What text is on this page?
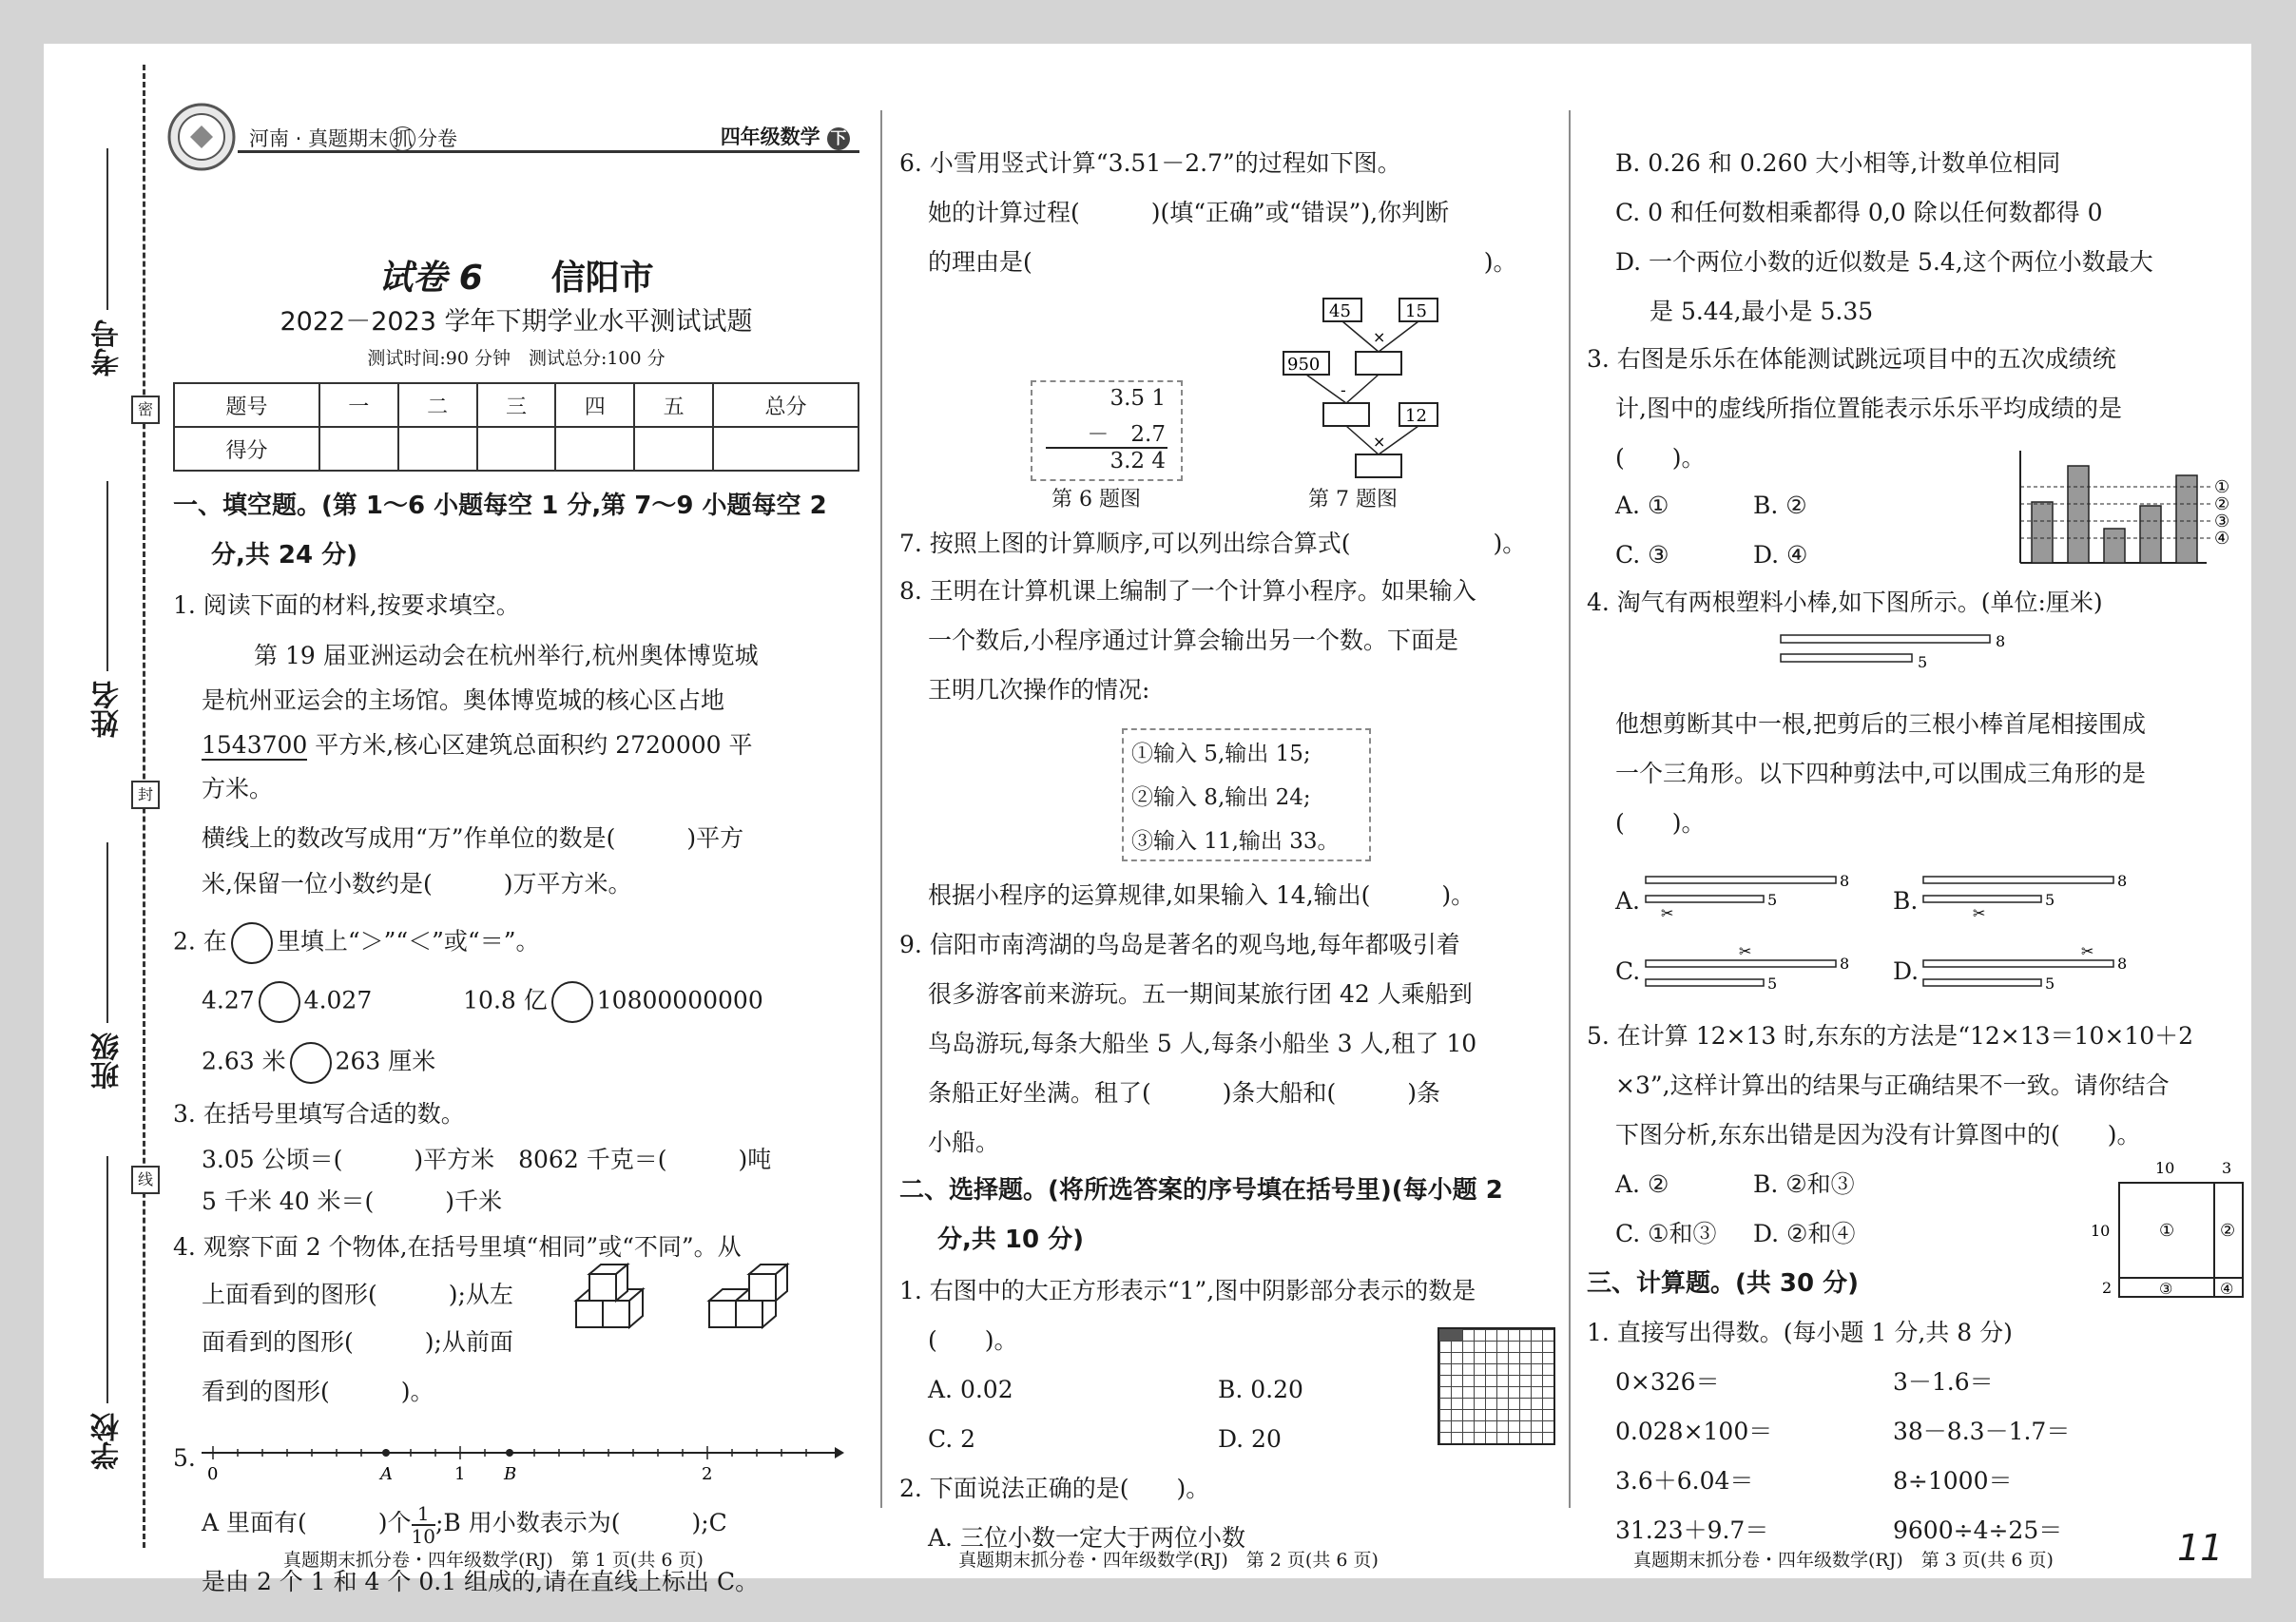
考号
姓名
班级
学校
密
封
线
河南 · 真题期末 抓 分卷	四年级数学 下
试卷 6　　 信阳市
2022－2023 学年下期学业水平测试试题
测试时间:90 分钟　测试总分:100 分
题号	一	二	三	四	五	总分
得分						
一、填空题。(第 1～6 小题每空 1 分,第 7～9 小题每空 2
分,共 24 分)
1. 阅读下面的材料,按要求填空。
第 19 届亚洲运动会在杭州举行,杭州奥体博览城
是杭州亚运会的主场馆。奥体博览城的核心区占地
1543700 平方米,核心区建筑总面积约 2720000 平
方米。
横线上的数改写成用“万”作单位的数是(　　　)平方
米,保留一位小数约是(　　　)万平方米。
2. 在 里填上“＞”“＜”或“＝”。
4.27 4.027	10.8 亿 10800000000
2.63 米 263 厘米
3. 在括号里填写合适的数。
3.05 公顷＝(　　　)平方米　8062 千克＝(　　　)吨
5 千米 40 米＝(　　　)千米
4. 观察下面 2 个物体,在括号里填“相同”或“不同”。从
上面看到的图形(　　　);从左
面看到的图形(　　　);从前面
看到的图形(　　　)。
5.
0	A	1 B	2
A 里面有(　　　)个 $\frac{1}{10}$ ;B 用小数表示为(　　　);C
是由 2 个 1 和 4 个 0.1 组成的,请在直线上标出 C。
6. 小雪用竖式计算“3.51－2.7”的过程如下图。
她的计算过程(　　　)(填“正确”或“错误”),你判断
的理由是(　　　　　　　　　　　　　　　　　　　)。
3.5 1
－　2.7
3.2 4
第 6 题图
45	15
950
12
×
-
×
第 7 题图
7. 按照上图的计算顺序,可以列出综合算式(　　　　　　)。
8. 王明在计算机课上编制了一个计算小程序。如果输入
一个数后,小程序通过计算会输出另一个数。下面是
王明几次操作的情况:
①输入 5,输出 15;
②输入 8,输出 24;
③输入 11,输出 33。
根据小程序的运算规律,如果输入 14,输出(　　　)。
9. 信阳市南湾湖的鸟岛是著名的观鸟地,每年都吸引着
很多游客前来游玩。五一期间某旅行团 42 人乘船到
鸟岛游玩,每条大船坐 5 人,每条小船坐 3 人,租了 10
条船正好坐满。租了(　　　)条大船和(　　　)条
小船。
二、选择题。(将所选答案的序号填在括号里)(每小题 2
分,共 10 分)
1. 右图中的大正方形表示“1”,图中阴影部分表示的数是
(　　)。
A. 0.02	B. 0.20
C. 2	D. 20
2. 下面说法正确的是(　　)。
A. 三位小数一定大于两位小数
B. 0.26 和 0.260 大小相等,计数单位相同
C. 0 和任何数相乘都得 0,0 除以任何数都得 0
D. 一个两位小数的近似数是 5.4,这个两位小数最大
是 5.44,最小是 5.35
3. 右图是乐乐在体能测试跳远项目中的五次成绩统
计,图中的虚线所指位置能表示乐乐平均成绩的是
(　　)。
A. ①	B. ②
C. ③	D. ④
①
②
③
④
4. 淘气有两根塑料小棒,如下图所示。(单位:厘米)
8
5
他想剪断其中一根,把剪后的三根小棒首尾相接围成
一个三角形。以下四种剪法中,可以围成三角形的是
(　　)。
A.
8
5
✂	B.
8
5
✂
C.
✂
8
5	D.
✂
8
5
5. 在计算 12×13 时,东东的方法是“12×13＝10×10＋2
×3”,这样计算出的结果与正确结果不一致。请你结合
下图分析,东东出错是因为没有计算图中的(　　)。
A. ②	B. ②和③
C. ①和③ D. ②和④
10	3
10
2
①	②
③	④
三、计算题。(共 30 分)
1. 直接写出得数。(每小题 1 分,共 8 分)
0×326＝	3－1.6＝
0.028×100＝	38－8.3－1.7＝
3.6＋6.04＝	8÷1000＝
31.23＋9.7＝	9600÷4÷25＝
真题期末抓分卷・四年级数学(RJ)　第 1 页(共 6 页)	真题期末抓分卷・四年级数学(RJ)　第 2 页(共 6 页)	真题期末抓分卷・四年级数学(RJ)　第 3 页(共 6 页)	11
